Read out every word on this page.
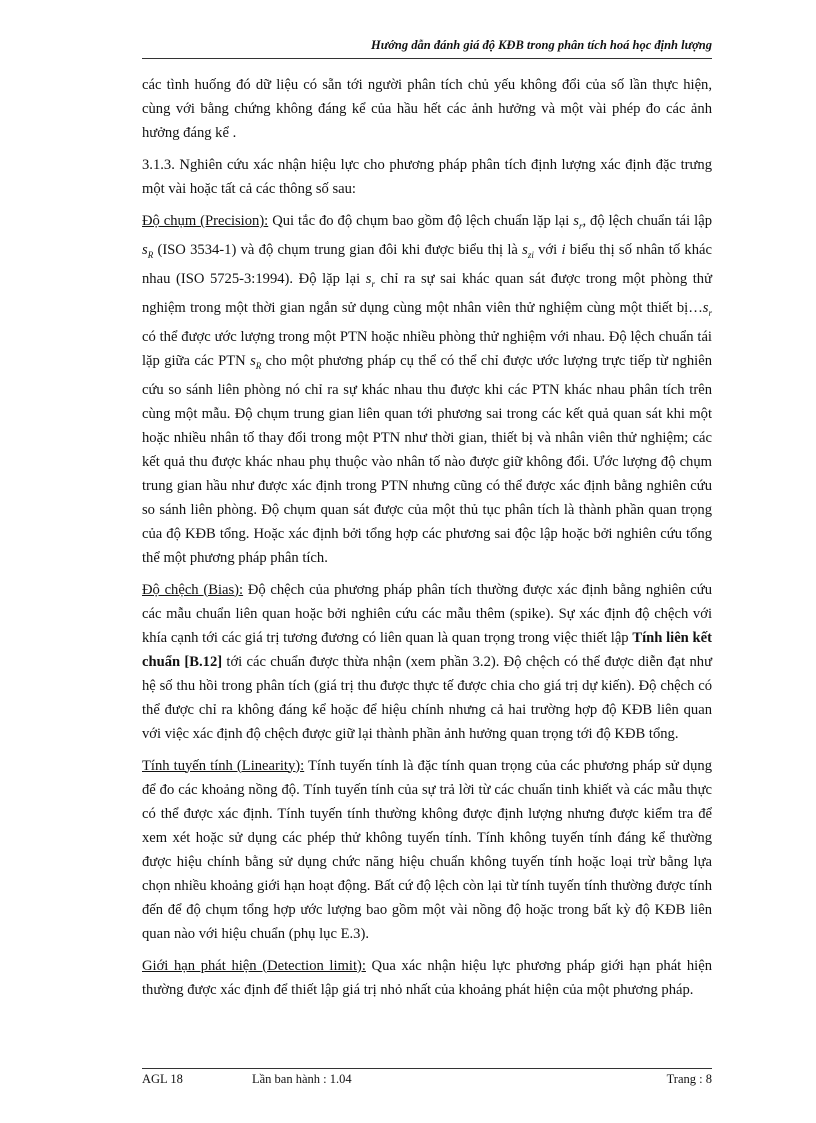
Hướng dẫn đánh giá độ KĐB trong phân tích hoá học định lượng

các tình huống đó dữ liệu có sẵn tới người phân tích chủ yếu không đổi của số lần thực hiện, cùng với bằng chứng không đáng kể của hầu hết các ảnh hưởng và một vài phép đo các ảnh hưởng đáng kể .

3.1.3. Nghiên cứu xác nhận hiệu lực cho phương pháp phân tích định lượng xác định đặc trưng một vài hoặc tất cả các thông số sau:

Độ chụm (Precision): Qui tắc đo độ chụm bao gồm độ lệch chuẩn lặp lại $s_r$, độ lệch chuẩn tái lập $s_R$ (ISO 3534-1) và độ chụm trung gian đôi khi được biểu thị là $s_{zi}$ với i biểu thị số nhân tố khác nhau (ISO 5725-3:1994). Độ lặp lại $s_r$ chỉ ra sự sai khác quan sát được trong một phòng thử nghiệm trong một thời gian ngắn sử dụng cùng một nhân viên thử nghiệm cùng một thiết $bị\dots s_r$ có thể được ước lượng trong một PTN hoặc nhiều phòng thử nghiệm với nhau. Độ lệch chuẩn tái lặp giữa các PTN $s_R$ cho một phương pháp cụ thể có thể chỉ được ước lượng trực tiếp từ nghiên cứu so sánh liên phòng nó chỉ ra sự khác nhau thu được khi các PTN khác nhau phân tích trên cùng một mẫu. Độ chụm trung gian liên quan tới phương sai trong các kết quả quan sát khi một hoặc nhiều nhân tố thay đổi trong một PTN như thời gian, thiết bị và nhân viên thử nghiệm; các kết quả thu được khác nhau phụ thuộc vào nhân tố nào được giữ không đổi. Ước lượng độ chụm trung gian hầu như được xác định trong PTN nhưng cũng có thể được xác định bằng nghiên cứu so sánh liên phòng. Độ chụm quan sát được của một thủ tục phân tích là thành phần quan trọng của độ KĐB tổng. Hoặc xác định bởi tổng hợp các phương sai độc lập hoặc bởi nghiên cứu tổng thể một phương pháp phân tích.

Độ chệch (Bias): Độ chệch của phương pháp phân tích thường được xác định bằng nghiên cứu các mẫu chuẩn liên quan hoặc bởi nghiên cứu các mẫu thêm (spike). Sự xác định độ chệch với khía cạnh tới các giá trị tương đương có liên quan là quan trọng trong việc thiết lập Tính liên kết chuẩn [B.12] tới các chuẩn được thừa nhận (xem phần 3.2). Độ chệch có thể được diễn đạt như hệ số thu hồi trong phân tích (giá trị thu được thực tế được chia cho giá trị dự kiến). Độ chệch có thể được chỉ ra không đáng kể hoặc để hiệu chính nhưng cả hai trường hợp độ KĐB liên quan với việc xác định độ chệch được giữ lại thành phần ảnh hưởng quan trọng tới độ KĐB tổng.

Tính tuyến tính (Linearity): Tính tuyến tính là đặc tính quan trọng của các phương pháp sử dụng để đo các khoảng nồng độ. Tính tuyến tính của sự trả lời từ các chuẩn tinh khiết và các mẫu thực có thể được xác định. Tính tuyến tính thường không được định lượng nhưng được kiểm tra để xem xét hoặc sử dụng các phép thử không tuyến tính. Tính không tuyến tính đáng kể thường được hiệu chính bằng sử dụng chức năng hiệu chuẩn không tuyến tính hoặc loại trừ bằng lựa chọn nhiều khoảng giới hạn hoạt động. Bất cứ độ lệch còn lại từ tính tuyến tính thường được tính đến để độ chụm tổng hợp ước lượng bao gồm một vài nồng độ hoặc trong bất kỳ độ KĐB liên quan nào với hiệu chuẩn (phụ lục E.3).

Giới hạn phát hiện (Detection limit): Qua xác nhận hiệu lực phương pháp giới hạn phát hiện thường được xác định để thiết lập giá trị nhỏ nhất của khoảng phát hiện của một phương pháp.

AGL 18	Lần ban hành : 1.04	Trang : 8
